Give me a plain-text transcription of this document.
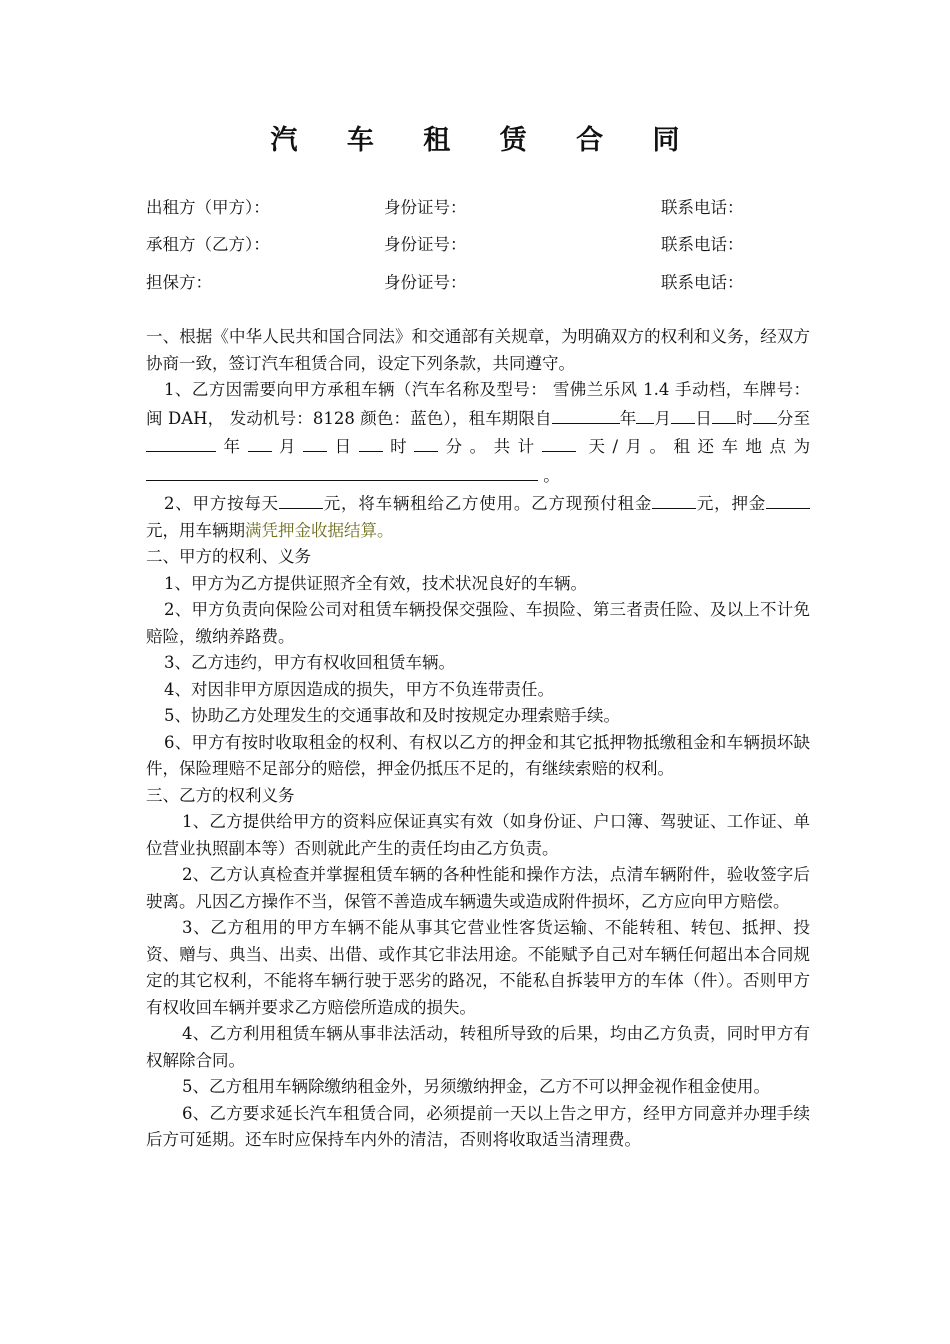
汽 车 租 赁 合 同
出租方（甲方）：	身份证号：	联系电话：
承租方（乙方）：	身份证号：	联系电话：
担保方：	身份证号：	联系电话：

一、根据《中华人民共和国合同法》和交通部有关规章，为明确双方的权利和义务，经双方协商一致，签订汽车租赁合同，设定下列条款，共同遵守。

1、乙方因需要向甲方承租车辆（汽车名称及型号： 雪佛兰乐风 1.4 手动档，车牌号：闽 DAH， 发动机号：8128 颜色：蓝色），租车期限自	年 月 日 时 分至年 月 日 时 分。共计	天/月。租还车地点为 。

2、甲方按每天	元，将车辆租给乙方使用。乙方现预付租金	元，押金元，用车辆期满凭押金收据结算。

二、甲方的权利、义务

1、甲方为乙方提供证照齐全有效，技术状况良好的车辆。

2、甲方负责向保险公司对租赁车辆投保交强险、车损险、第三者责任险、及以上不计免赔险，缴纳养路费。

3、乙方违约，甲方有权收回租赁车辆。

4、对因非甲方原因造成的损失，甲方不负连带责任。

5、协助乙方处理发生的交通事故和及时按规定办理索赔手续。

6、甲方有按时收取租金的权利、有权以乙方的押金和其它抵押物抵缴租金和车辆损坏缺件，保险理赔不足部分的赔偿，押金仍抵压不足的，有继续索赔的权利。

三、乙方的权利义务

1、乙方提供给甲方的资料应保证真实有效（如身份证、户口簿、驾驶证、工作证、单位营业执照副本等）否则就此产生的责任均由乙方负责。

2、乙方认真检查并掌握租赁车辆的各种性能和操作方法，点清车辆附件，验收签字后驶离。凡因乙方操作不当，保管不善造成车辆遗失或造成附件损坏，乙方应向甲方赔偿。

3、乙方租用的甲方车辆不能从事其它营业性客货运输、不能转租、转包、抵押、投资、赠与、典当、出卖、出借、或作其它非法用途。不能赋予自己对车辆任何超出本合同规定的其它权利，不能将车辆行驶于恶劣的路况，不能私自拆装甲方的车体（件）。否则甲方有权收回车辆并要求乙方赔偿所造成的损失。

4、乙方利用租赁车辆从事非法活动，转租所导致的后果，均由乙方负责，同时甲方有权解除合同。

5、乙方租用车辆除缴纳租金外，另须缴纳押金，乙方不可以押金视作租金使用。

6、乙方要求延长汽车租赁合同，必须提前一天以上告之甲方，经甲方同意并办理手续后方可延期。还车时应保持车内外的清洁，否则将收取适当清理费。
